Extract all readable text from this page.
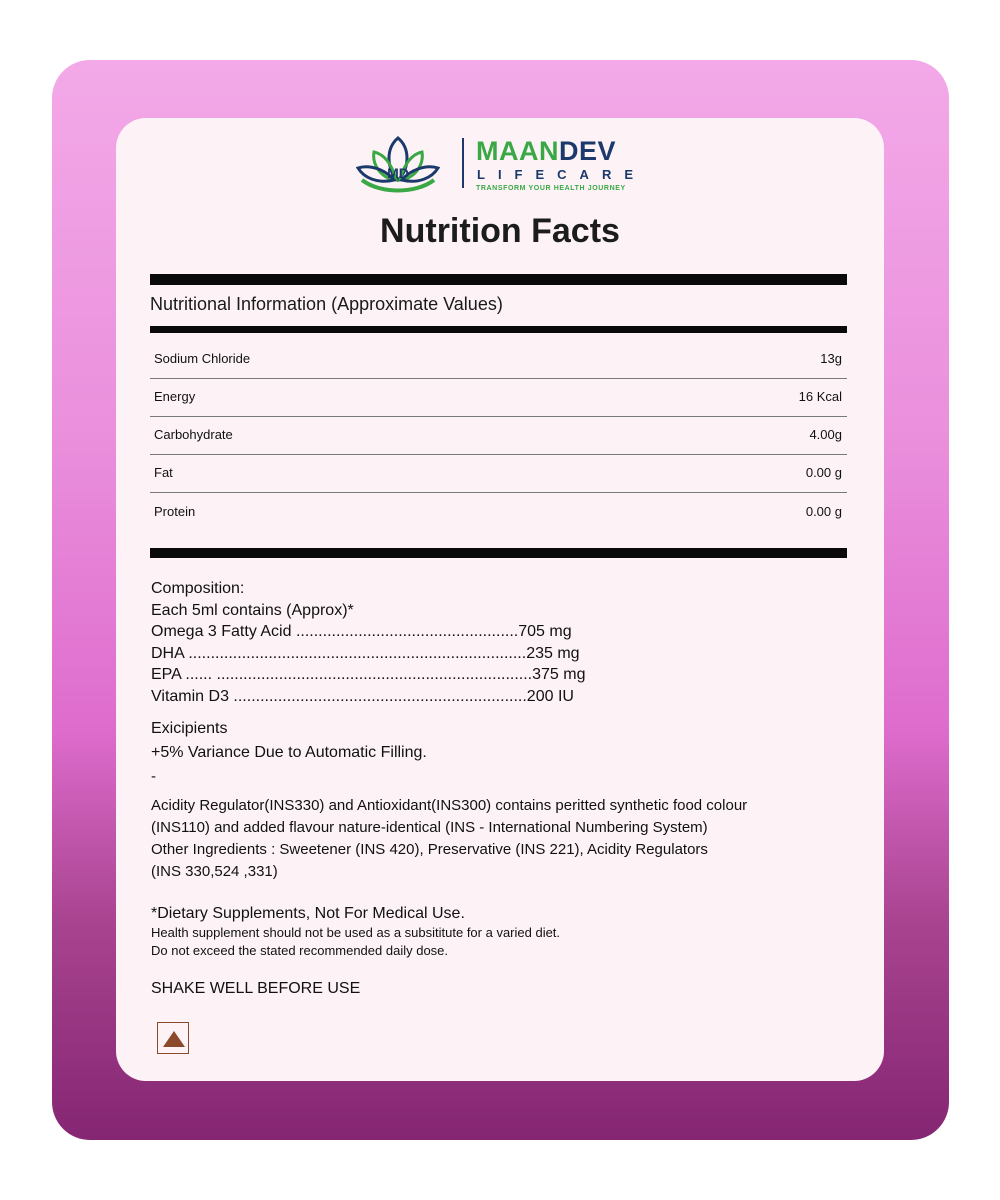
MD
MAANDEV
LIFECARE
TRANSFORM YOUR HEALTH JOURNEY
Nutrition Facts
Nutritional Information (Approximate Values)
Sodium Chloride	13g
Energy	16 Kcal
Carbohydrate	4.00g
Fat	0.00 g
Protein	0.00 g
Composition:
Each 5ml contains (Approx)*
Omega 3 Fatty Acid ..................................................705 mg
DHA ............................................................................235 mg
EPA ...... .......................................................................375 mg
Vitamin D3 ..................................................................200 IU
Exicipients
+5% Variance Due to Automatic Filling.
-
Acidity Regulator(INS330) and Antioxidant(INS300) contains peritted synthetic food colour
(INS110) and added flavour nature-identical (INS - International Numbering System)
Other Ingredients : Sweetener (INS 420), Preservative (INS 221), Acidity Regulators
(INS 330,524 ,331)
*Dietary Supplements, Not For Medical Use.
Health supplement should not be used as a subsititute for a varied diet.
Do not exceed the stated recommended daily dose.
SHAKE WELL BEFORE USE
